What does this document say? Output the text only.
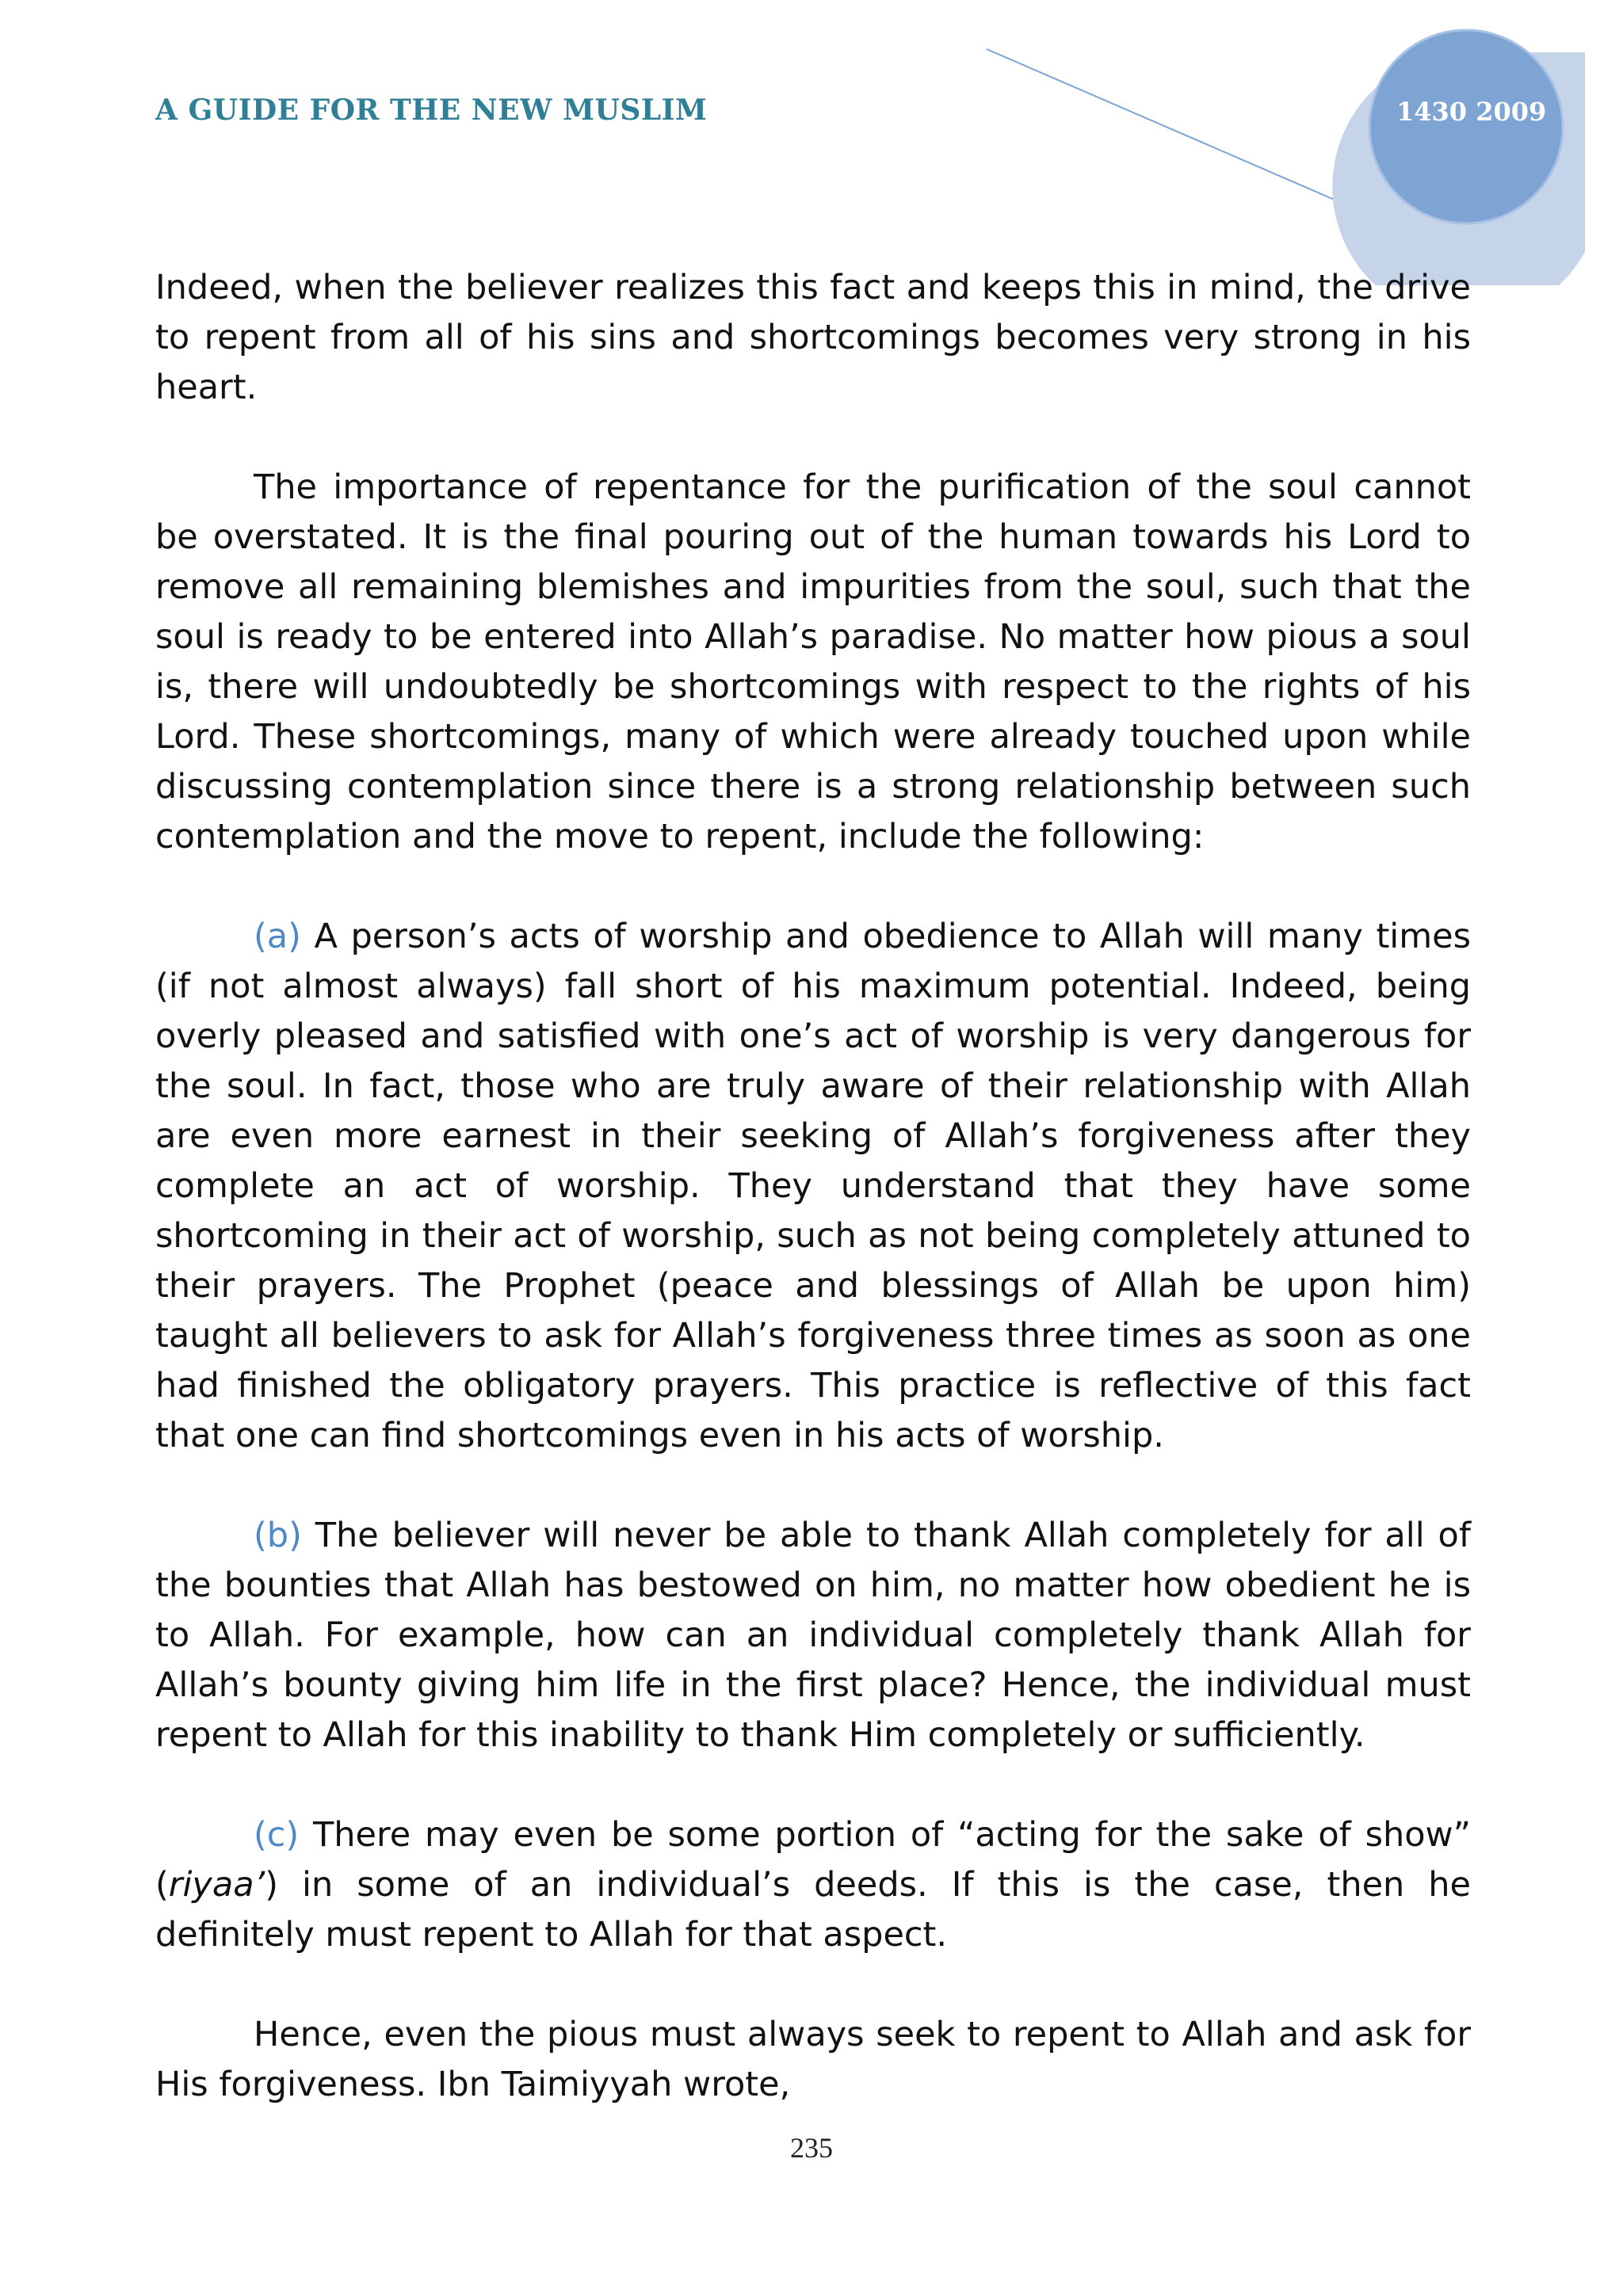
A GUIDE FOR THE NEW MUSLIM	1430 2009

Indeed, when the believer realizes this fact and keeps this in mind, the drive to repent from all of his sins and shortcomings becomes very strong in his heart.

The importance of repentance for the purification of the soul cannot be overstated. It is the final pouring out of the human towards his Lord to remove all remaining blemishes and impurities from the soul, such that the soul is ready to be entered into Allah’s paradise. No matter how pious a soul is, there will undoubtedly be shortcomings with respect to the rights of his Lord. These shortcomings, many of which were already touched upon while discussing contemplation since there is a strong relationship between such contemplation and the move to repent, include the following:

(a) A person’s acts of worship and obedience to Allah will many times (if not almost always) fall short of his maximum potential. Indeed, being overly pleased and satisfied with one’s act of worship is very dangerous for the soul. In fact, those who are truly aware of their relationship with Allah are even more earnest in their seeking of Allah’s forgiveness after they complete an act of worship. They understand that they have some shortcoming in their act of worship, such as not being completely attuned to their prayers. The Prophet (peace and blessings of Allah be upon him) taught all believers to ask for Allah’s forgiveness three times as soon as one had finished the obligatory prayers. This practice is reflective of this fact that one can find shortcomings even in his acts of worship.

(b) The believer will never be able to thank Allah completely for all of the bounties that Allah has bestowed on him, no matter how obedient he is to Allah. For example, how can an individual completely thank Allah for Allah’s bounty giving him life in the first place? Hence, the individual must repent to Allah for this inability to thank Him completely or sufficiently.

(c) There may even be some portion of “acting for the sake of show” (riyaa’) in some of an individual’s deeds. If this is the case, then he definitely must repent to Allah for that aspect.

Hence, even the pious must always seek to repent to Allah and ask for His forgiveness. Ibn Taimiyyah wrote,

235
